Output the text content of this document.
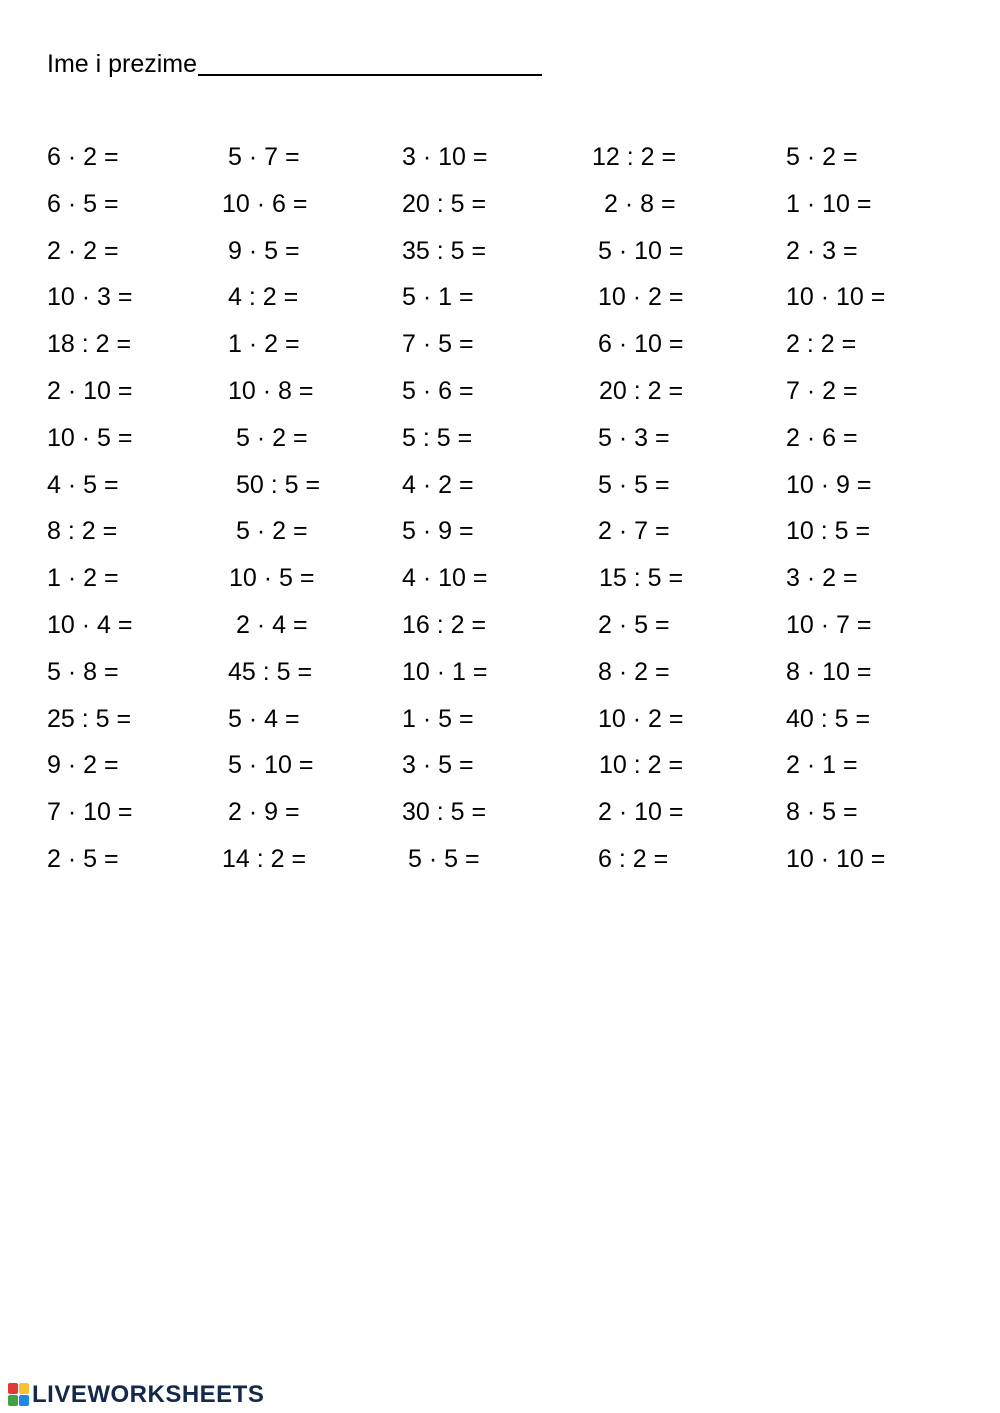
Ime i prezime
6 · 2 =
6 · 5 =
2 · 2 =
10 · 3 =
18 : 2 =
2 · 10 =
10 · 5 =
4 · 5 =
8 : 2 =
1 · 2 =
10 · 4 =
5 · 8 =
25 : 5 =
9 · 2 =
7 · 10 =
2 · 5 =
5 · 7 =
10 · 6 =
9 · 5 =
4 : 2 =
1 · 2 =
10 · 8 =
5 · 2 =
50 : 5 =
5 · 2 =
10 · 5 =
2 · 4 =
45 : 5 =
5 · 4 =
5 · 10 =
2 · 9 =
14 : 2 =
3 · 10 =
20 : 5 =
35 : 5 =
5 · 1 =
7 · 5 =
5 · 6 =
5 : 5 =
4 · 2 =
5 · 9 =
4 · 10 =
16 : 2 =
10 · 1 =
1 · 5 =
3 · 5 =
30 : 5 =
5 · 5 =
12 : 2 =
2 · 8 =
5 · 10 =
10 · 2 =
6 · 10 =
20 : 2 =
5 · 3 =
5 · 5 =
2 · 7 =
15 : 5 =
2 · 5 =
8 · 2 =
10 · 2 =
10 : 2 =
2 · 10 =
6 : 2 =
5 · 2 =
1 · 10 =
2 · 3 =
10 · 10 =
2 : 2 =
7 · 2 =
2 · 6 =
10 · 9 =
10 : 5 =
3 · 2 =
10 · 7 =
8 · 10 =
40 : 5 =
2 · 1 =
8 · 5 =
10 · 10 =
LIVEWORKSHEETS
